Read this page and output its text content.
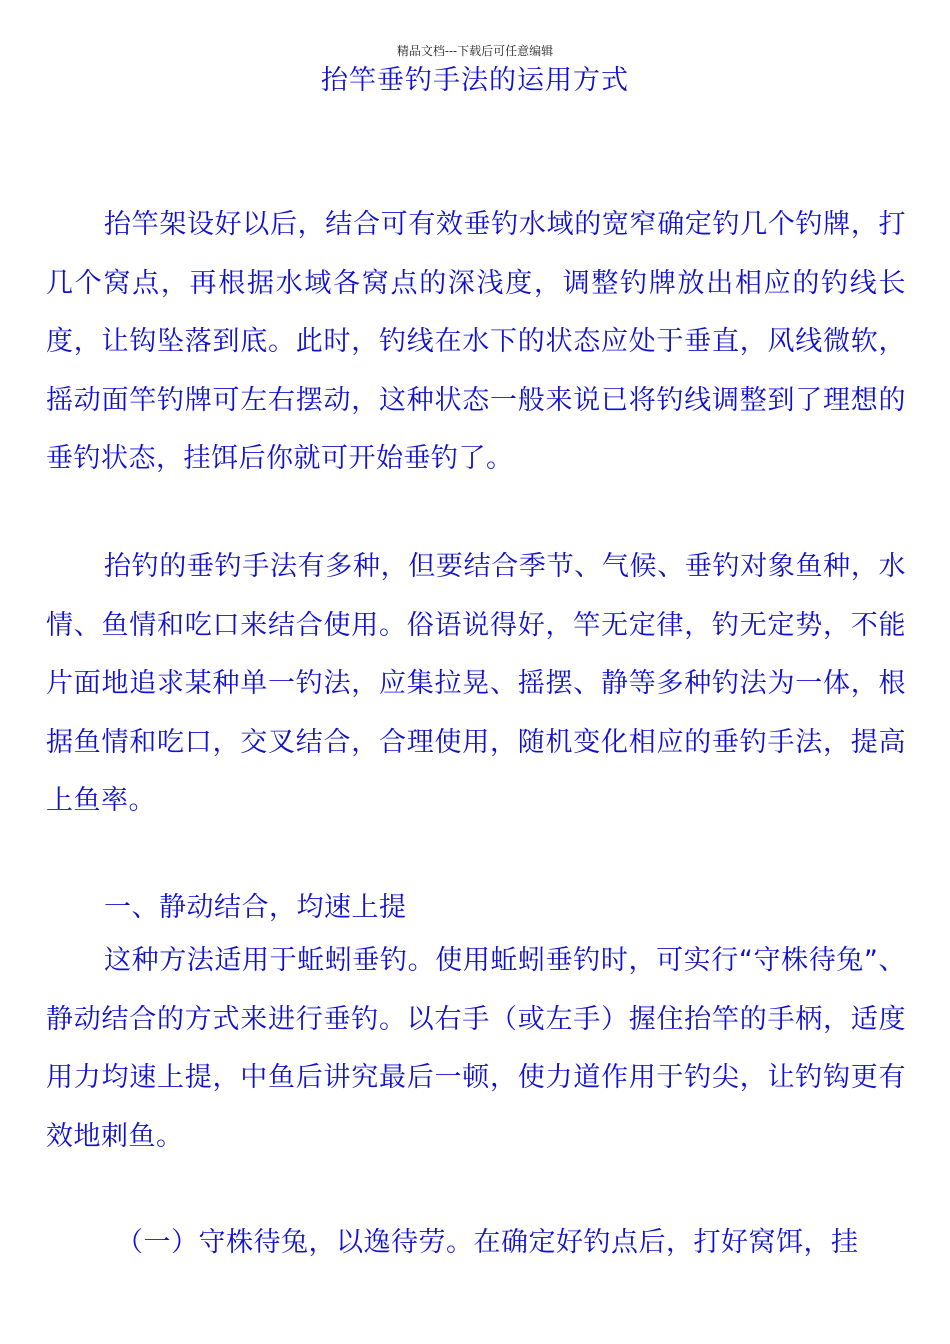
精品文档---下载后可任意编辑
抬竿垂钓手法的运用方式

抬竿架设好以后，结合可有效垂钓水域的宽窄确定钓几个钓牌，打几个窝点，再根据水域各窝点的深浅度，调整钓牌放出相应的钓线长度，让钩坠落到底。此时，钓线在水下的状态应处于垂直，风线微软，摇动面竿钓牌可左右摆动，这种状态一般来说已将钓线调整到了理想的垂钓状态，挂饵后你就可开始垂钓了。

抬钓的垂钓手法有多种，但要结合季节、气候、垂钓对象鱼种，水情、鱼情和吃口来结合使用。俗语说得好，竿无定律，钓无定势，不能片面地追求某种单一钓法，应集拉晃、摇摆、静等多种钓法为一体，根据鱼情和吃口，交叉结合，合理使用，随机变化相应的垂钓手法，提高上鱼率。

一、静动结合，均速上提

这种方法适用于蚯蚓垂钓。使用蚯蚓垂钓时，可实行“守株待兔”、静动结合的方式来进行垂钓。以右手（或左手）握住抬竿的手柄，适度用力均速上提，中鱼后讲究最后一顿，使力道作用于钓尖，让钓钩更有效地刺鱼。

（一）守株待兔，以逸待劳。在确定好钓点后，打好窝饵，挂
